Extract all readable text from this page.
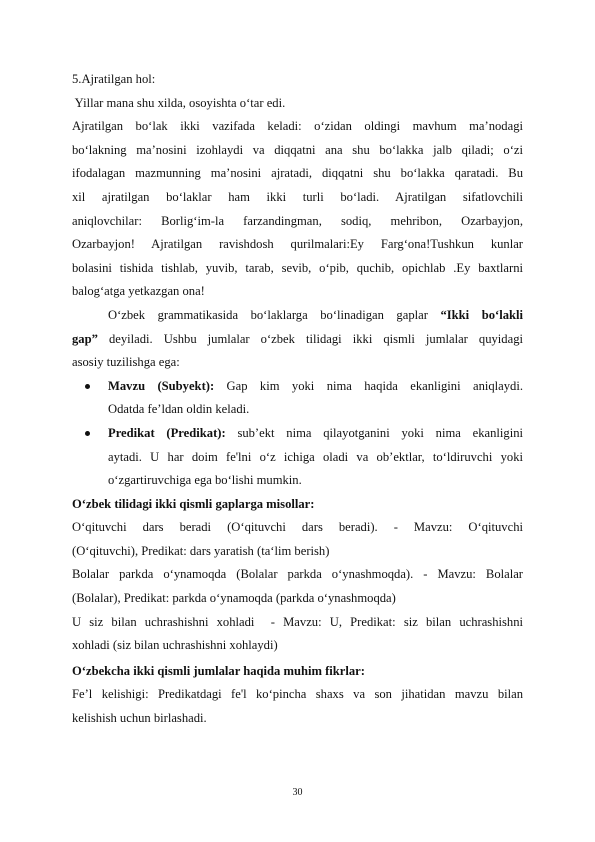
5.Ajratilgan hol:
Yillar mana shu xilda, osoyishta o‘tar edi.
Ajratilgan bo‘lak ikki vazifada keladi: o‘zidan oldingi mavhum ma’nodagi
bo‘lakning ma’nosini izohlaydi va diqqatni ana shu bo‘lakka jalb qiladi; o‘zi
ifodalagan mazmunning ma’nosini ajratadi, diqqatni shu bo‘lakka qaratadi. Bu
xil ajratilgan bo‘laklar ham ikki turli bo‘ladi. Ajratilgan sifatlovchili
aniqlovchilar: Borlig‘im-la farzandingman, sodiq, mehribon, Ozarbayjon,
Ozarbayjon! Ajratilgan ravishdosh qurilmalari:Ey Farg‘ona!Tushkun kunlar
bolasini tishida tishlab, yuvib, tarab, sevib, o‘pib, quchib, opichlab .Ey baxtlarni
balog‘atga yetkazgan ona!
O‘zbek grammatikasida bo‘laklarga bo‘linadigan gaplar “Ikki bo‘lakli
gap” deyiladi. Ushbu jumlalar o‘zbek tilidagi ikki qismli jumlalar quyidagi
asosiy tuzilishga ega:
Mavzu (Subyekt): Gap kim yoki nima haqida ekanligini aniqlaydi.
Odatda fe’ldan oldin keladi.
Predikat (Predikat): sub’ekt nima qilayotganini yoki nima ekanligini
aytadi. U har doim fe'lni o‘z ichiga oladi va ob’ektlar, to‘ldiruvchi yoki
o‘zgartiruvchiga ega bo‘lishi mumkin.
O‘zbek tilidagi ikki qismli gaplarga misollar:
O‘qituvchi dars beradi (O‘qituvchi dars beradi). - Mavzu: O‘qituvchi
(O‘qituvchi), Predikat: dars yaratish (ta‘lim berish)
Bolalar parkda o‘ynamoqda (Bolalar parkda o‘ynashmoqda). - Mavzu: Bolalar
(Bolalar), Predikat: parkda o‘ynamoqda (parkda o‘ynashmoqda)
U siz bilan uchrashishni xohladi  - Mavzu: U, Predikat: siz bilan uchrashishni
xohladi (siz bilan uchrashishni xohlaydi)
O‘zbekcha ikki qismli jumlalar haqida muhim fikrlar:
Fe’l kelishigi: Predikatdagi fe'l ko‘pincha shaxs va son jihatidan mavzu bilan
kelishish uchun birlashadi.
30
